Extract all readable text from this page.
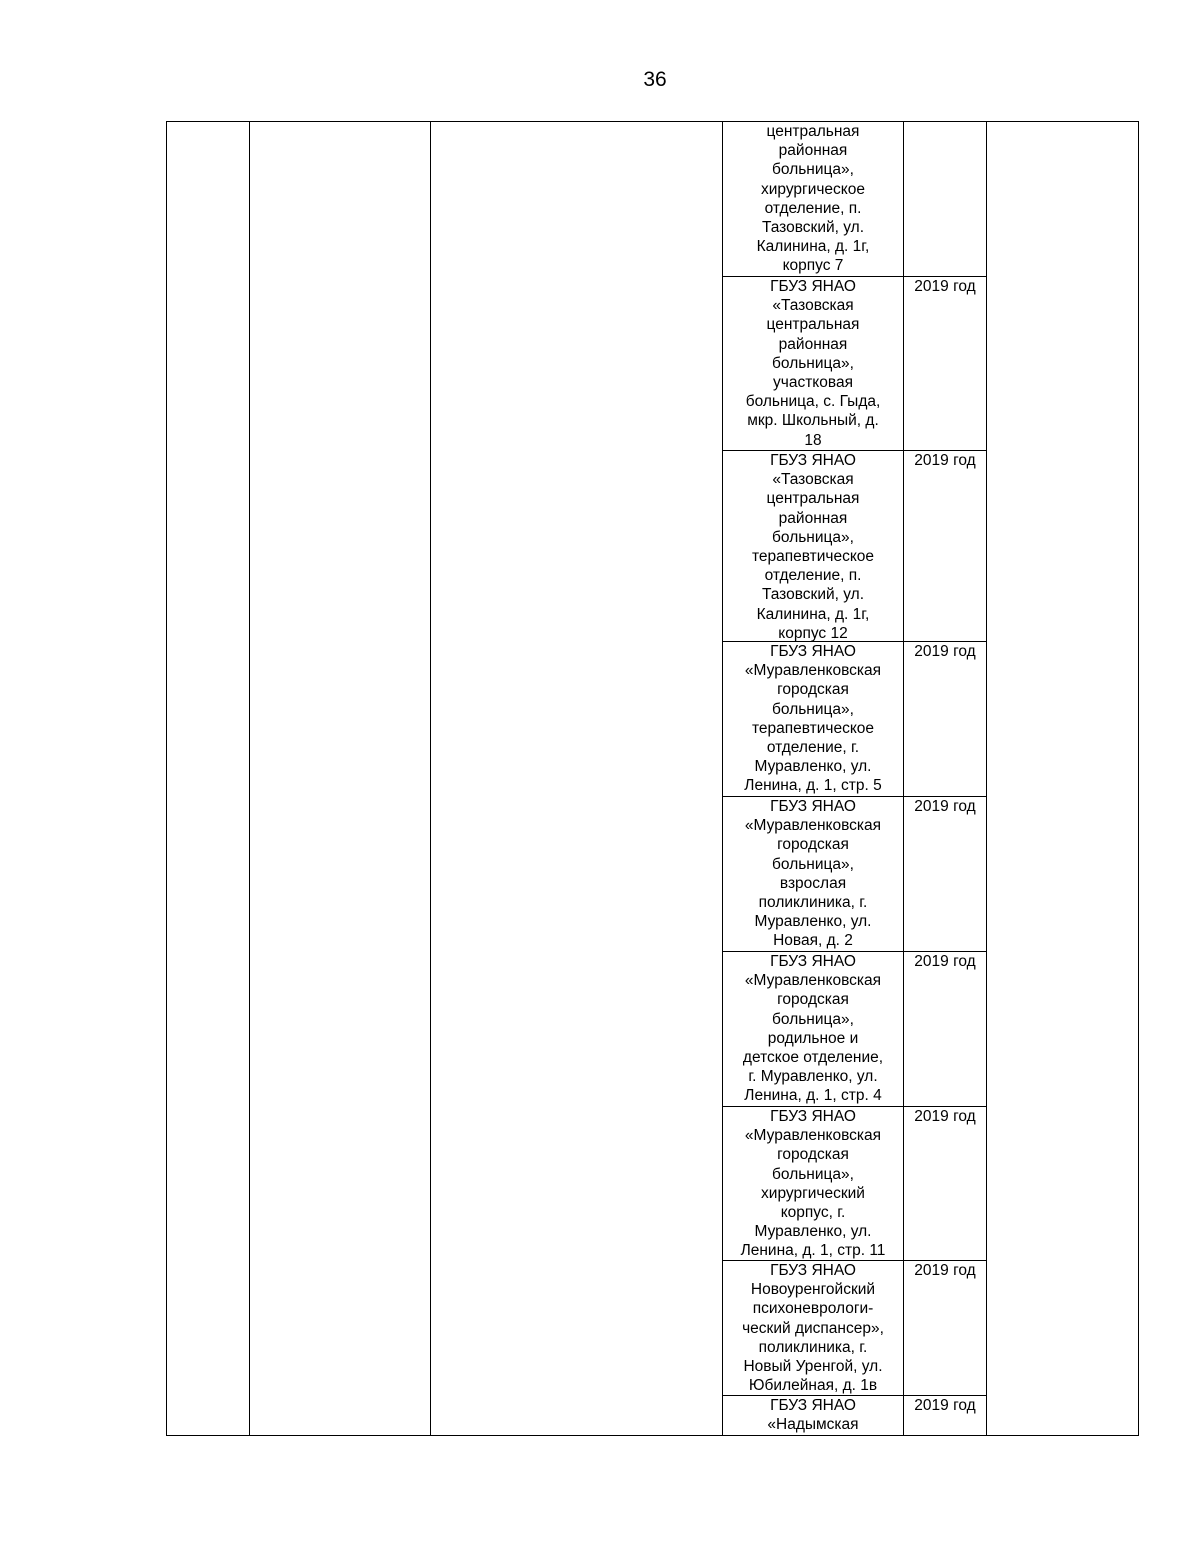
36
центральная
районная
больница»,
хирургическое
отделение, п.
Тазовский, ул.
Калинина, д. 1г,
корпус 7
ГБУЗ ЯНАО
«Тазовская
центральная
районная
больница»,
участковая
больница, с. Гыда,
мкр. Школьный, д.
18
2019 год
ГБУЗ ЯНАО
«Тазовская
центральная
районная
больница»,
терапевтическое
отделение, п.
Тазовский, ул.
Калинина, д. 1г,
корпус 12
2019 год
ГБУЗ ЯНАО
«Муравленковская
городская
больница»,
терапевтическое
отделение, г.
Муравленко, ул.
Ленина, д. 1, стр. 5
2019 год
ГБУЗ ЯНАО
«Муравленковская
городская
больница»,
взрослая
поликлиника, г.
Муравленко, ул.
Новая, д. 2
2019 год
ГБУЗ ЯНАО
«Муравленковская
городская
больница»,
родильное и
детское отделение,
г. Муравленко, ул.
Ленина, д. 1, стр. 4
2019 год
ГБУЗ ЯНАО
«Муравленковская
городская
больница»,
хирургический
корпус, г.
Муравленко, ул.
Ленина, д. 1, стр. 11
2019 год
ГБУЗ ЯНАО
Новоуренгойский
психоневрологи-
ческий диспансер»,
поликлиника, г.
Новый Уренгой, ул.
Юбилейная, д. 1в
2019 год
ГБУЗ ЯНАО
«Надымская
2019 год
